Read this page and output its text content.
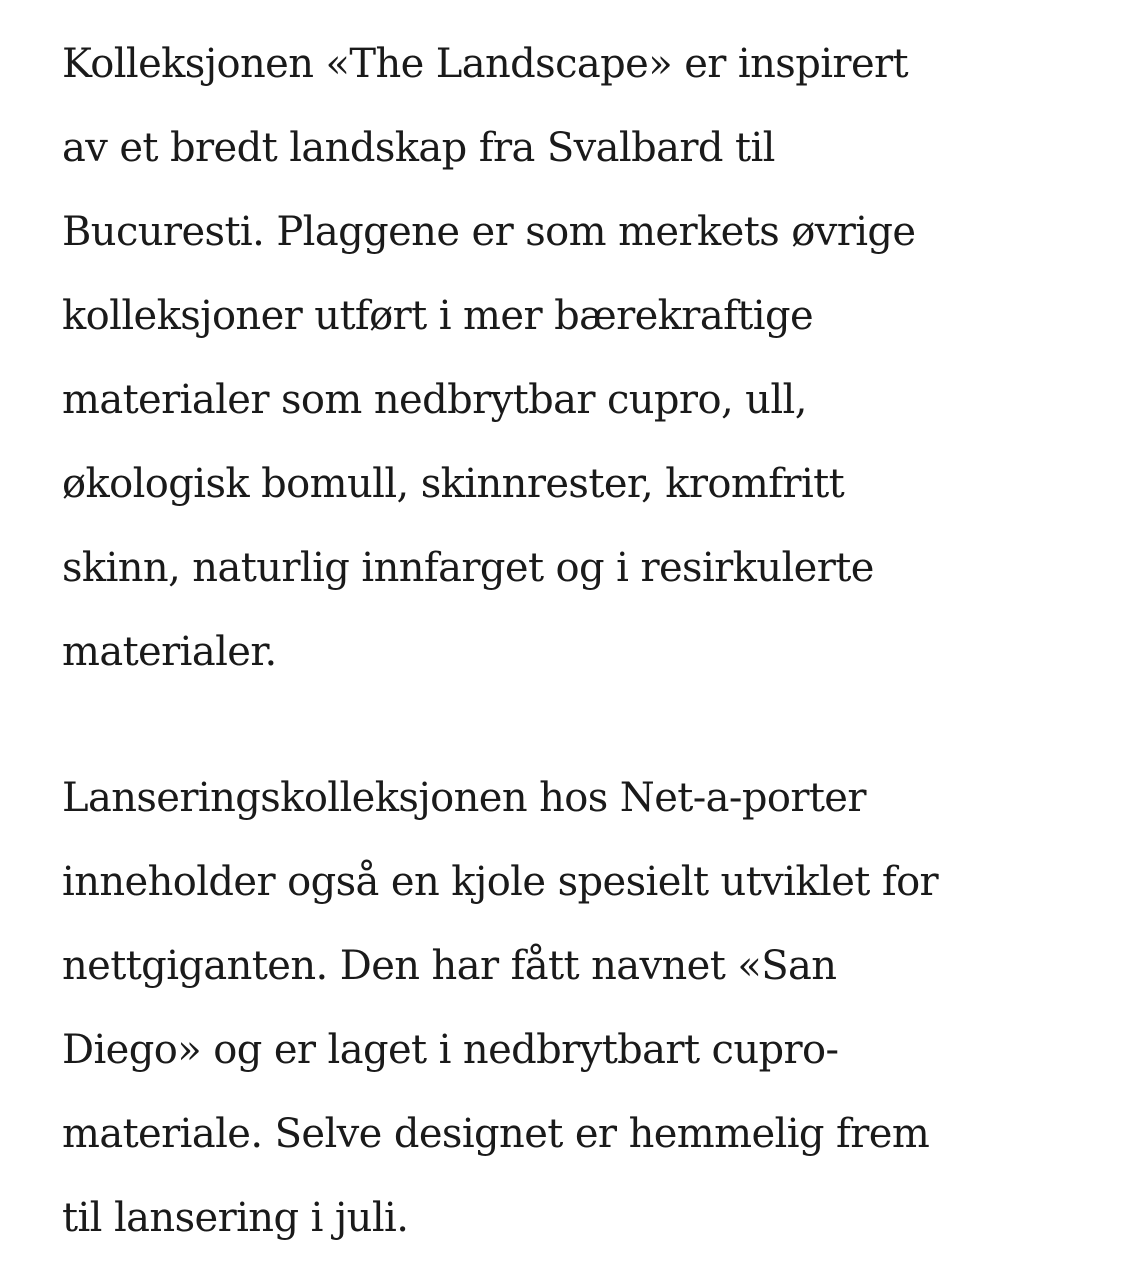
Kolleksjonen «The Landscape» er inspirert
av et bredt landskap fra Svalbard til
Bucuresti. Plaggene er som merkets øvrige
kolleksjoner utført i mer bærekraftige
materialer som nedbrytbar cupro, ull,
økologisk bomull, skinnrester, kromfritt
skinn, naturlig innfarget og i resirkulerte
materialer.

Lanseringskolleksjonen hos Net-a-porter
inneholder også en kjole spesielt utviklet for
nettgiganten. Den har fått navnet «San
Diego» og er laget i nedbrytbart cupro-
materiale. Selve designet er hemmelig frem
til lansering i juli.
